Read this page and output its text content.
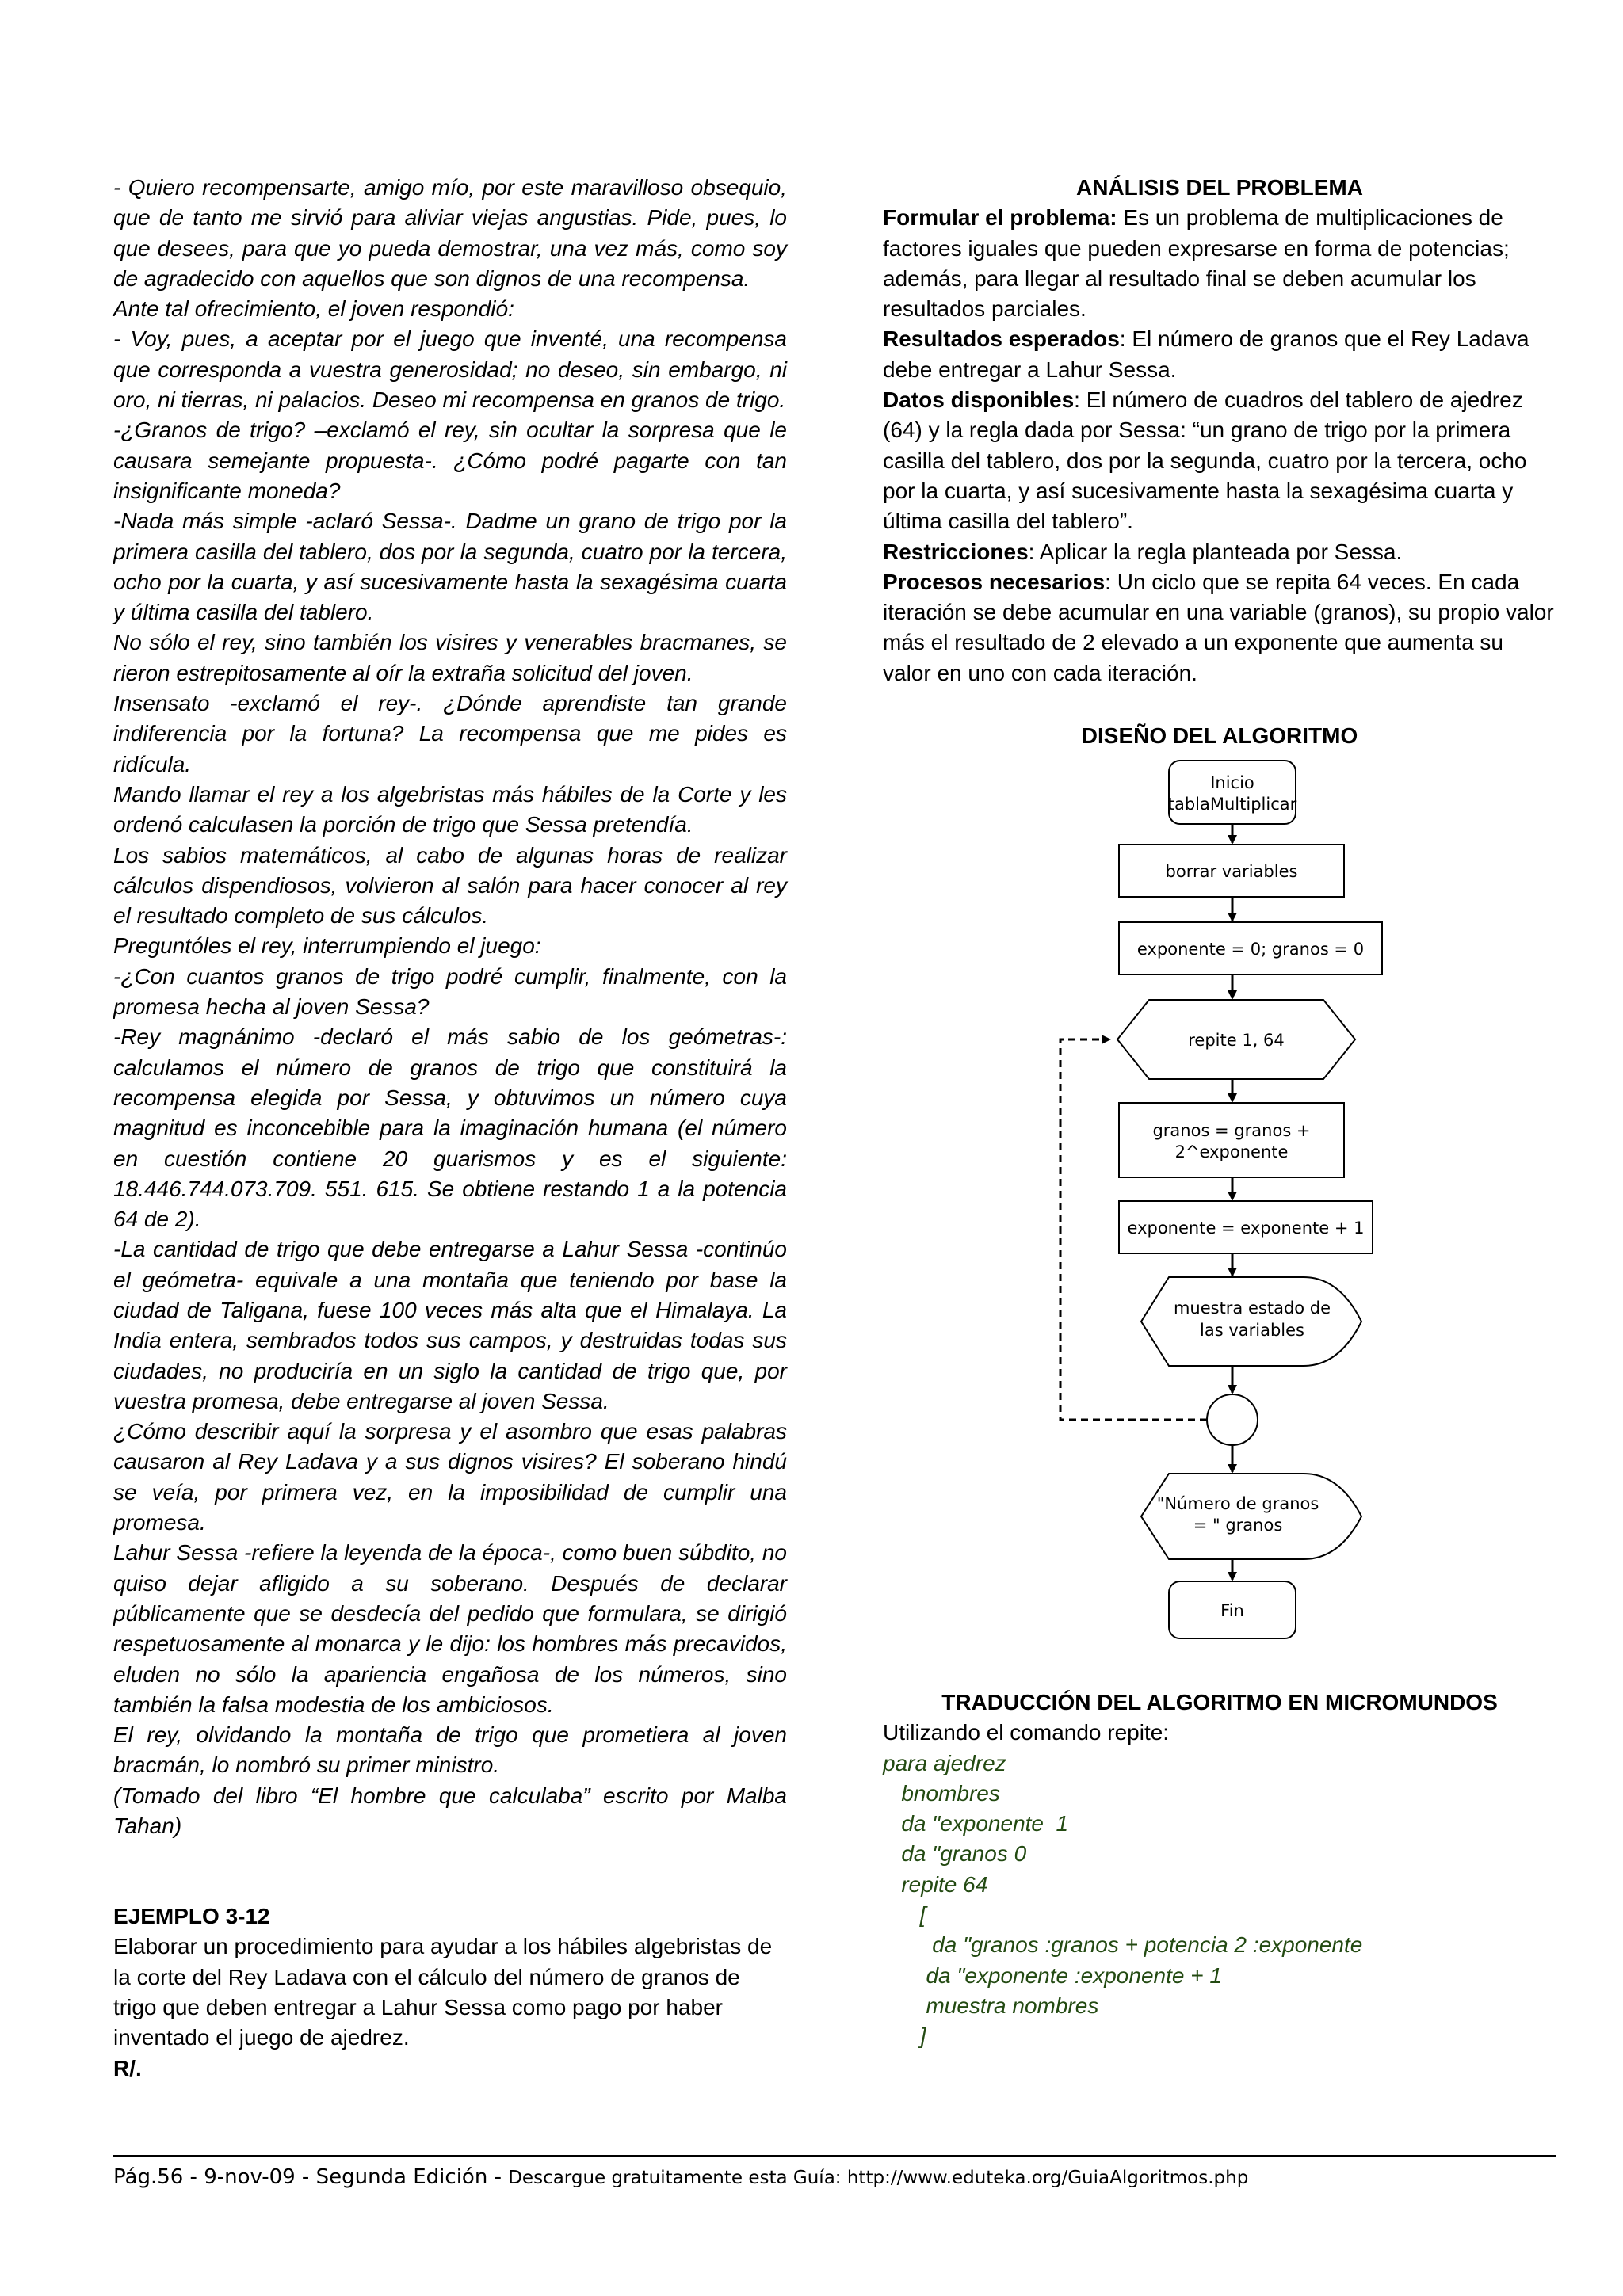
- Quiero recompensarte, amigo mío, por este maravilloso obsequio, que de tanto me sirvió para aliviar viejas angustias. Pide, pues, lo que desees, para que yo pueda demostrar, una vez más, como soy de agradecido con aquellos que son dignos de una recompensa.

Ante tal ofrecimiento, el joven respondió:

- Voy, pues, a aceptar por el juego que inventé, una recompensa que corresponda a vuestra generosidad; no deseo, sin embargo, ni oro, ni tierras, ni palacios. Deseo mi recompensa en granos de trigo.

-¿Granos de trigo? –exclamó el rey, sin ocultar la sorpresa que le causara semejante propuesta-. ¿Cómo podré pagarte con tan insignificante moneda?

-Nada más simple -aclaró Sessa-. Dadme un grano de trigo por la primera casilla del tablero, dos por la segunda, cuatro por la tercera, ocho por la cuarta, y así sucesivamente hasta la sexagésima cuarta y última casilla del tablero.

No sólo el rey, sino también los visires y venerables bracmanes, se rieron estrepitosamente al oír la extraña solicitud del joven.

Insensato -exclamó el rey-. ¿Dónde aprendiste tan grande indiferencia por la fortuna? La recompensa que me pides es ridícula.

Mando llamar el rey a los algebristas más hábiles de la Corte y les ordenó calculasen la porción de trigo que Sessa pretendía.

Los sabios matemáticos, al cabo de algunas horas de realizar cálculos dispendiosos, volvieron al salón para hacer conocer al rey el resultado completo de sus cálculos.

Preguntóles el rey, interrumpiendo el juego:

-¿Con cuantos granos de trigo podré cumplir, finalmente, con la promesa hecha al joven Sessa?

-Rey magnánimo -declaró el más sabio de los geómetras-: calculamos el número de granos de trigo que constituirá la recompensa elegida por Sessa, y obtuvimos un número cuya magnitud es inconcebible para la imaginación humana (el número en cuestión contiene 20 guarismos y es el siguiente: 18.446.744.073.709. 551. 615. Se obtiene restando 1 a la potencia 64 de 2).

-La cantidad de trigo que debe entregarse a Lahur Sessa -continúo el geómetra- equivale a una montaña que teniendo por base la ciudad de Taligana, fuese 100 veces más alta que el Himalaya. La India entera, sembrados todos sus campos, y destruidas todas sus ciudades, no produciría en un siglo la cantidad de trigo que, por vuestra promesa, debe entregarse al joven Sessa.

¿Cómo describir aquí la sorpresa y el asombro que esas palabras causaron al Rey Ladava y a sus dignos visires? El soberano hindú se veía, por primera vez, en la imposibilidad de cumplir una promesa.

Lahur Sessa -refiere la leyenda de la época-, como buen súbdito, no quiso dejar afligido a su soberano. Después de declarar públicamente que se desdecía del pedido que formulara, se dirigió respetuosamente al monarca y le dijo: los hombres más precavidos, eluden no sólo la apariencia engañosa de los números, sino también la falsa modestia de los ambiciosos.

El rey, olvidando la montaña de trigo que prometiera al joven bracmán, lo nombró su primer ministro.

(Tomado del libro “El hombre que calculaba” escrito por Malba Tahan)

EJEMPLO 3-12

Elaborar un procedimiento para ayudar a los hábiles algebristas de la corte del Rey Ladava con el cálculo del número de granos de trigo que deben entregar a Lahur Sessa como pago por haber inventado el juego de ajedrez.

R/.

ANÁLISIS DEL PROBLEMA

Formular el problema: Es un problema de multiplicaciones de factores iguales que pueden expresarse en forma de potencias; además, para llegar al resultado final se deben acumular los resultados parciales.

Resultados esperados: El número de granos que el Rey Ladava debe entregar a Lahur Sessa.

Datos disponibles: El número de cuadros del tablero de ajedrez (64) y la regla dada por Sessa: “un grano de trigo por la primera casilla del tablero, dos por la segunda, cuatro por la tercera, ocho por la cuarta, y así sucesivamente hasta la sexagésima cuarta y última casilla del tablero”.

Restricciones: Aplicar la regla planteada por Sessa.

Procesos necesarios: Un ciclo que se repita 64 veces. En cada iteración se debe acumular en una variable (granos), su propio valor más el resultado de 2 elevado a un exponente que aumenta su valor en uno con cada iteración.

DISEÑO DEL ALGORITMO
Inicio
tablaMultiplicar
borrar variables
exponente = 0; granos = 0
repite 1, 64
granos = granos +
2^exponente
exponente = exponente + 1
muestra estado de
las variables
"Número de granos
= " granos
Fin

TRADUCCIÓN DEL ALGORITMO EN MICROMUNDOS

Utilizando el comando repite:

para ajedrez

bnombres

da "exponente  1

da "granos 0

repite 64

[

da "granos :granos + potencia 2 :exponente

da "exponente :exponente + 1

muestra nombres

]

Pág.56 - 9-nov-09 - Segunda Edición - Descargue gratuitamente esta Guía: http://www.eduteka.org/GuiaAlgoritmos.php
